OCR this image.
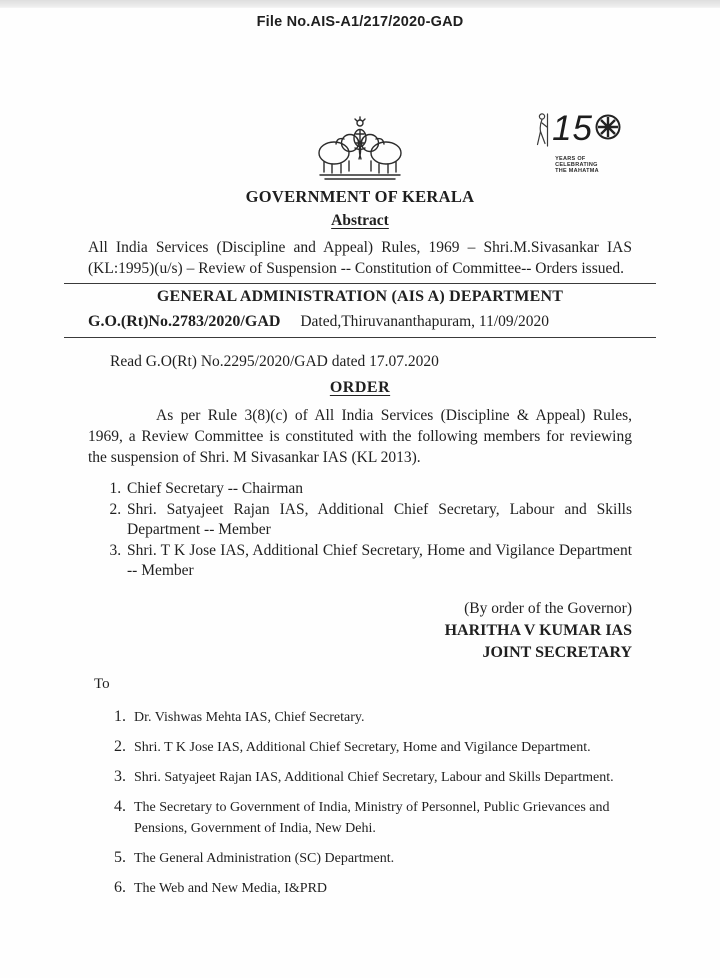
File No.AIS-A1/217/2020-GAD
15
YEARS OF
CELEBRATING
THE MAHATMA
GOVERNMENT OF KERALA
Abstract

All India Services (Discipline and Appeal) Rules, 1969 – Shri.M.Sivasankar IAS (KL:1995)(u/s) – Review of Suspension -- Constitution of Committee-- Orders issued.

GENERAL ADMINISTRATION (AIS A) DEPARTMENT
G.O.(Rt)No.2783/2020/GAD Dated,Thiruvananthapuram, 11/09/2020
Read G.O(Rt) No.2295/2020/GAD dated 17.07.2020
ORDER

As per Rule 3(8)(c) of All India Services (Discipline & Appeal) Rules, 1969, a Review Committee is constituted with the following members for reviewing the suspension of Shri. M Sivasankar IAS (KL 2013).

1. Chief Secretary -- Chairman
2. Shri. Satyajeet Rajan IAS, Additional Chief Secretary, Labour and Skills Department -- Member
3. Shri. T K Jose IAS, Additional Chief Secretary, Home and Vigilance Department -- Member
(By order of the Governor)
HARITHA V KUMAR IAS
JOINT SECRETARY
To
1. Dr. Vishwas Mehta IAS, Chief Secretary.
2. Shri. T K Jose IAS, Additional Chief Secretary, Home and Vigilance Department.
3. Shri. Satyajeet Rajan IAS, Additional Chief Secretary, Labour and Skills Department.
4. The Secretary to Government of India, Ministry of Personnel, Public Grievances and Pensions, Government of India, New Dehi.
5. The General Administration (SC) Department.
6. The Web and New Media, I&PRD
